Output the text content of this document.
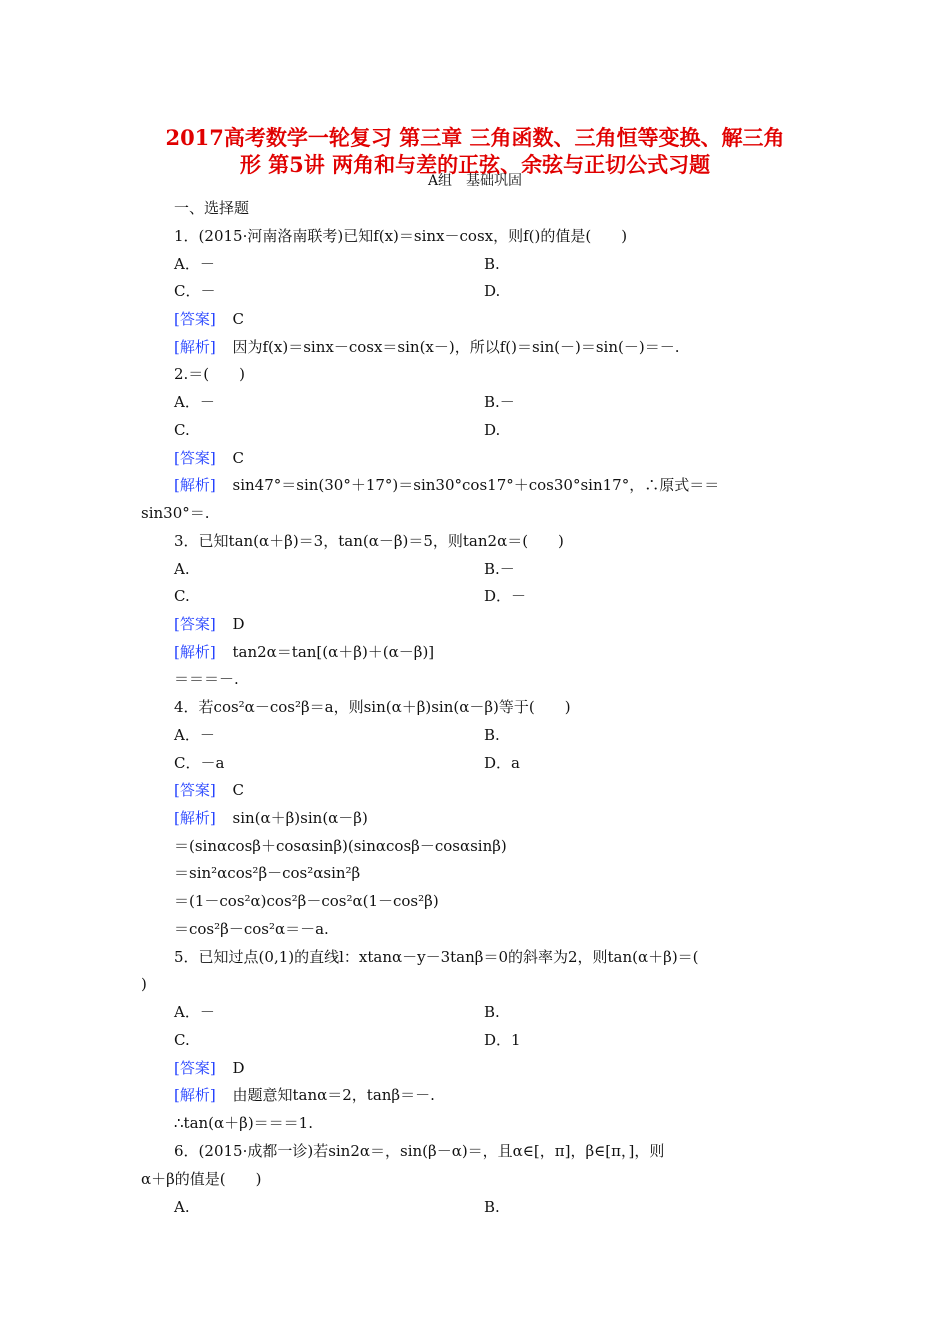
2017高考数学一轮复习 第三章 三角函数、三角恒等变换、解三角
形 第5讲 两角和与差的正弦、余弦与正切公式习题
A组　基础巩固
一、选择题
1．(2015·河南洛南联考)已知f(x)＝sinx－cosx，则f()的值是(　　)
A．－	B.
C．－	D.
[答案] C
[解析] 因为f(x)＝sinx－cosx＝sin(x－)，所以f()＝sin(－)＝sin(－)＝－.
2.＝(　　)
A．－	B.－
C.	D.
[答案] C
[解析] sin47°＝sin(30°＋17°)＝sin30°cos17°＋cos30°sin17°，∴原式＝＝
sin30°＝.
3．已知tan(α＋β)＝3，tan(α－β)＝5，则tan2α＝(　　)
A.	B.－
C.	D．－
[答案] D
[解析] tan2α＝tan[(α＋β)＋(α－β)]
＝＝＝－.
4．若cos²α－cos²β＝a，则sin(α＋β)sin(α－β)等于(　　)
A．－	B.
C．－a	D．a
[答案] C
[解析] sin(α＋β)sin(α－β)
＝(sinαcosβ＋cosαsinβ)(sinαcosβ－cosαsinβ)
＝sin²αcos²β－cos²αsin²β
＝(1－cos²α)cos²β－cos²α(1－cos²β)
＝cos²β－cos²α＝－a.
5．已知过点(0,1)的直线l：xtanα－y－3tanβ＝0的斜率为2，则tan(α＋β)＝(
)
A．－	B.
C.	D．1
[答案] D
[解析] 由题意知tanα＝2，tanβ＝－.
∴tan(α＋β)＝＝＝1.
6．(2015·成都一诊)若sin2α＝，sin(β－α)＝，且α∈[，π]，β∈[π，]，则
α＋β的值是(　　)
A.	B.
